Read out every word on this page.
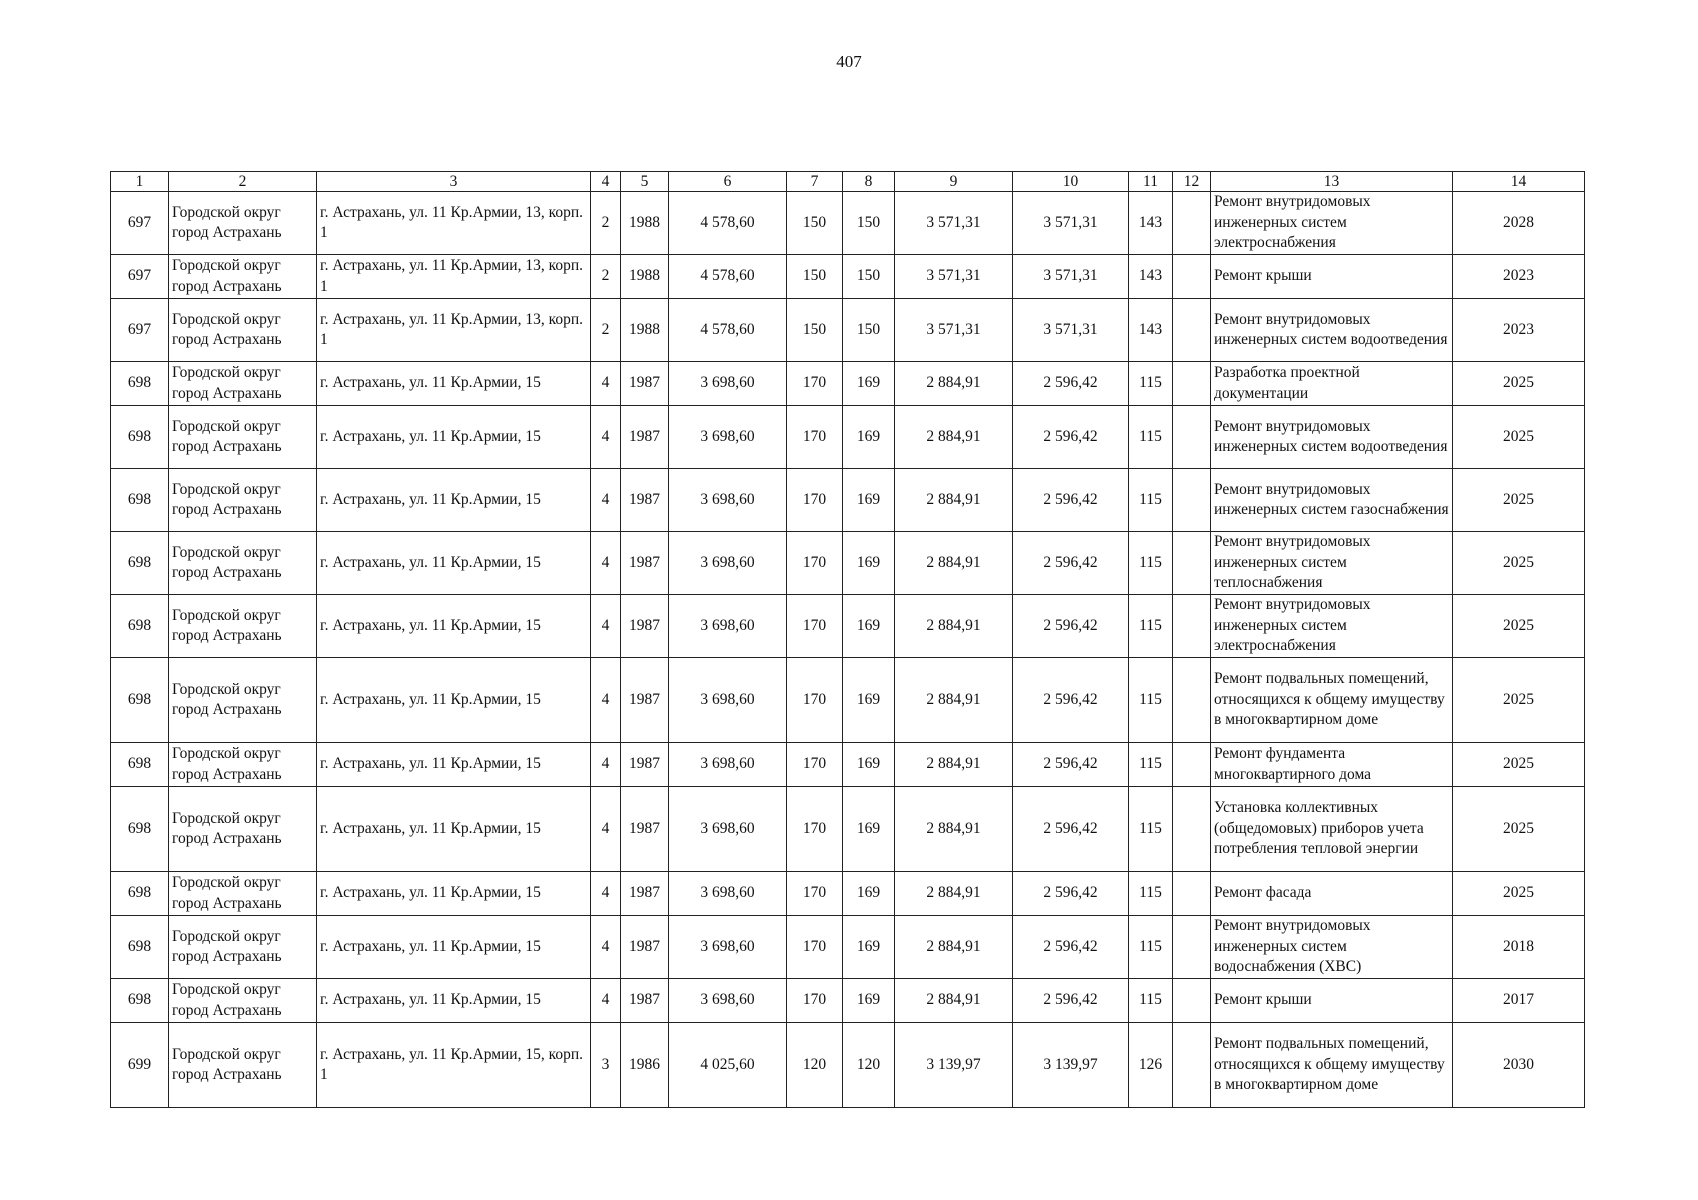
407
1	2	3	4	5	6	7	8	9	10	11	12	13	14
697	Городской округ город Астрахань	г. Астрахань, ул. 11 Кр.Армии, 13, корп. 1	2	1988	4 578,60	150	150	3 571,31	3 571,31	143		Ремонт внутридомовых инженерных систем электроснабжения	2028
697	Городской округ город Астрахань	г. Астрахань, ул. 11 Кр.Армии, 13, корп. 1	2	1988	4 578,60	150	150	3 571,31	3 571,31	143		Ремонт крыши	2023
697	Городской округ город Астрахань	г. Астрахань, ул. 11 Кр.Армии, 13, корп. 1	2	1988	4 578,60	150	150	3 571,31	3 571,31	143		Ремонт внутридомовых инженерных систем водоотведения	2023
698	Городской округ город Астрахань	г. Астрахань, ул. 11 Кр.Армии, 15	4	1987	3 698,60	170	169	2 884,91	2 596,42	115		Разработка проектной документации	2025
698	Городской округ город Астрахань	г. Астрахань, ул. 11 Кр.Армии, 15	4	1987	3 698,60	170	169	2 884,91	2 596,42	115		Ремонт внутридомовых инженерных систем водоотведения	2025
698	Городской округ город Астрахань	г. Астрахань, ул. 11 Кр.Армии, 15	4	1987	3 698,60	170	169	2 884,91	2 596,42	115		Ремонт внутридомовых инженерных систем газоснабжения	2025
698	Городской округ город Астрахань	г. Астрахань, ул. 11 Кр.Армии, 15	4	1987	3 698,60	170	169	2 884,91	2 596,42	115		Ремонт внутридомовых инженерных систем теплоснабжения	2025
698	Городской округ город Астрахань	г. Астрахань, ул. 11 Кр.Армии, 15	4	1987	3 698,60	170	169	2 884,91	2 596,42	115		Ремонт внутридомовых инженерных систем электроснабжения	2025
698	Городской округ город Астрахань	г. Астрахань, ул. 11 Кр.Армии, 15	4	1987	3 698,60	170	169	2 884,91	2 596,42	115		Ремонт подвальных помещений, относящихся к общему имуществу в многоквартирном доме	2025
698	Городской округ город Астрахань	г. Астрахань, ул. 11 Кр.Армии, 15	4	1987	3 698,60	170	169	2 884,91	2 596,42	115		Ремонт фундамента многоквартирного дома	2025
698	Городской округ город Астрахань	г. Астрахань, ул. 11 Кр.Армии, 15	4	1987	3 698,60	170	169	2 884,91	2 596,42	115		Установка коллективных (общедомовых) приборов учета потребления тепловой энергии	2025
698	Городской округ город Астрахань	г. Астрахань, ул. 11 Кр.Армии, 15	4	1987	3 698,60	170	169	2 884,91	2 596,42	115		Ремонт фасада	2025
698	Городской округ город Астрахань	г. Астрахань, ул. 11 Кр.Армии, 15	4	1987	3 698,60	170	169	2 884,91	2 596,42	115		Ремонт внутридомовых инженерных систем водоснабжения (ХВС)	2018
698	Городской округ город Астрахань	г. Астрахань, ул. 11 Кр.Армии, 15	4	1987	3 698,60	170	169	2 884,91	2 596,42	115		Ремонт крыши	2017
699	Городской округ город Астрахань	г. Астрахань, ул. 11 Кр.Армии, 15, корп. 1	3	1986	4 025,60	120	120	3 139,97	3 139,97	126		Ремонт подвальных помещений, относящихся к общему имуществу в многоквартирном доме	2030
